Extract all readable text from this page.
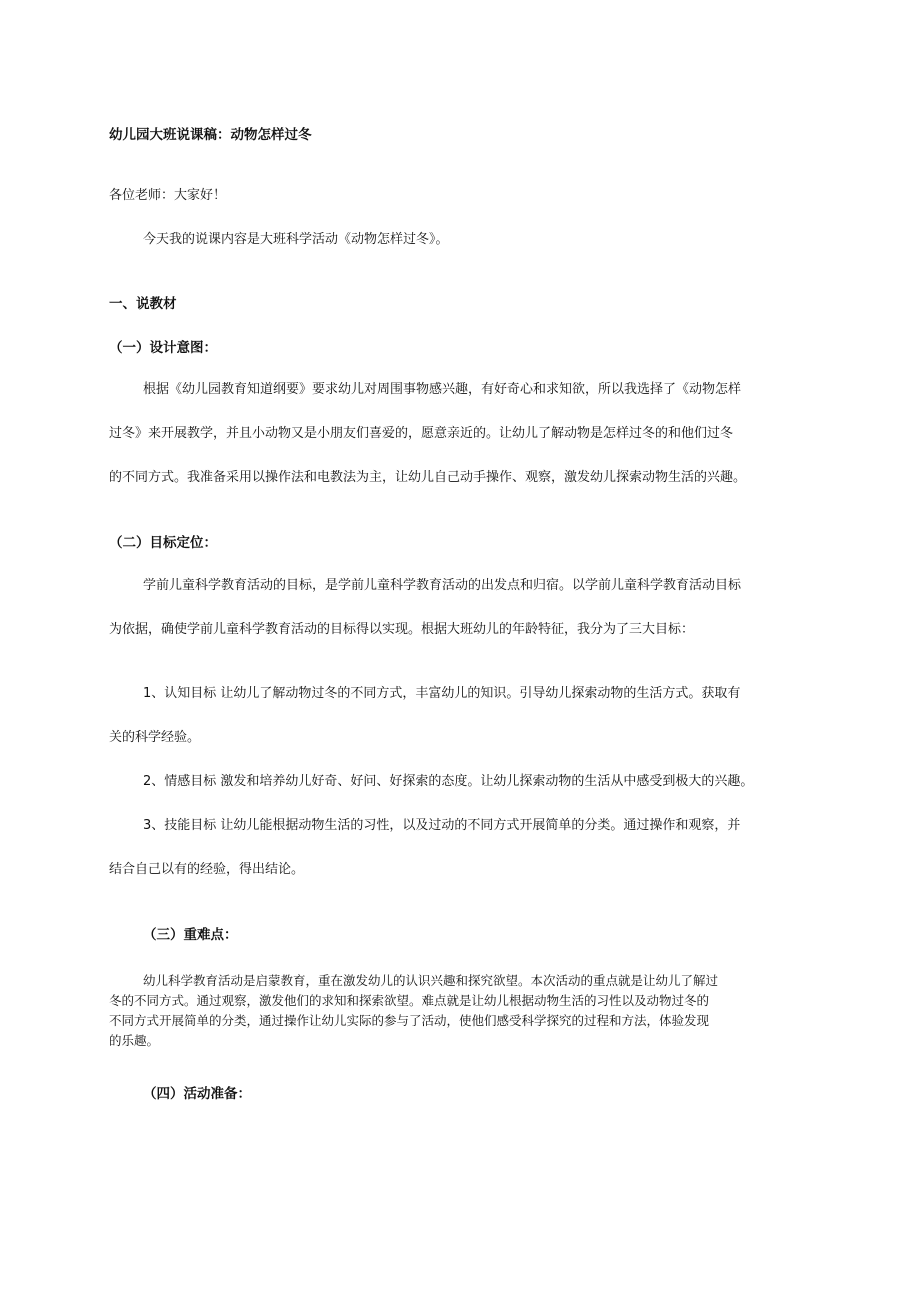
幼儿园大班说课稿：动物怎样过冬
各位老师：大家好！
今天我的说课内容是大班科学活动《动物怎样过冬》。
一、说教材
（一）设计意图：
根据《幼儿园教育知道纲要》要求幼儿对周围事物感兴趣，有好奇心和求知欲，所以我选择了《动物怎样
过冬》来开展教学，并且小动物又是小朋友们喜爱的，愿意亲近的。让幼儿了解动物是怎样过冬的和他们过冬
的不同方式。我准备采用以操作法和电教法为主，让幼儿自己动手操作、观察，激发幼儿探索动物生活的兴趣。
（二）目标定位：
学前儿童科学教育活动的目标，是学前儿童科学教育活动的出发点和归宿。以学前儿童科学教育活动目标
为依据，确使学前儿童科学教育活动的目标得以实现。根据大班幼儿的年龄特征，我分为了三大目标：
1、认知目标 让幼儿了解动物过冬的不同方式，丰富幼儿的知识。引导幼儿探索动物的生活方式。获取有
关的科学经验。
2、情感目标 激发和培养幼儿好奇、好问、好探索的态度。让幼儿探索动物的生活从中感受到极大的兴趣。
3、技能目标 让幼儿能根据动物生活的习性，以及过动的不同方式开展简单的分类。通过操作和观察，并
结合自己以有的经验，得出结论。
（三）重难点：
幼儿科学教育活动是启蒙教育，重在激发幼儿的认识兴趣和探究欲望。本次活动的重点就是让幼儿了解过
冬的不同方式。通过观察，激发他们的求知和探索欲望。难点就是让幼儿根据动物生活的习性以及动物过冬的
不同方式开展简单的分类，通过操作让幼儿实际的参与了活动，使他们感受科学探究的过程和方法，体验发现
的乐趣。
（四）活动准备：
